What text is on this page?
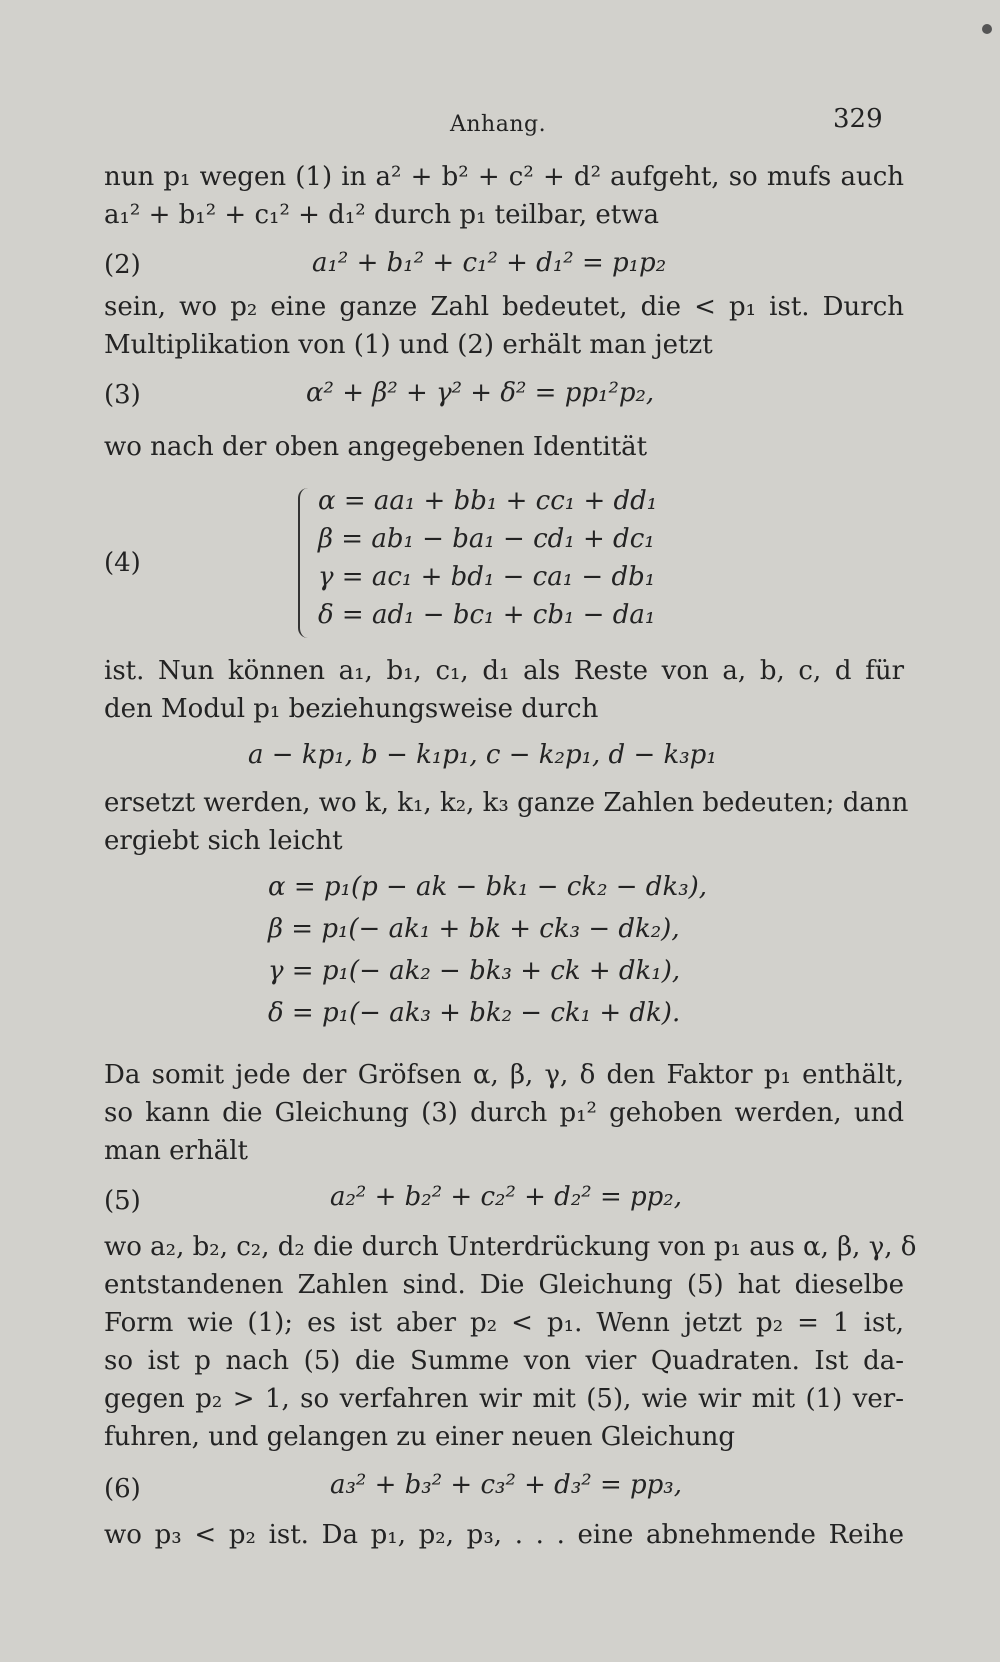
Anhang.	329
nun p₁ wegen (1) in a² + b² + c² + d² aufgeht, so mufs auch
a₁² + b₁² + c₁² + d₁² durch p₁ teilbar, etwa
(2)	a₁² + b₁² + c₁² + d₁² = p₁p₂
sein, wo p₂ eine ganze Zahl bedeutet, die < p₁ ist. Durch
Multiplikation von (1) und (2) erhält man jetzt
(3)	α² + β² + γ² + δ² = pp₁²p₂,
wo nach der oben angegebenen Identität
(4)
α = aa₁ + bb₁ + cc₁ + dd₁
β = ab₁ − ba₁ − cd₁ + dc₁
γ = ac₁ + bd₁ − ca₁ − db₁
δ = ad₁ − bc₁ + cb₁ − da₁
ist. Nun können a₁, b₁, c₁, d₁ als Reste von a, b, c, d für
den Modul p₁ beziehungsweise durch
a − kp₁, b − k₁p₁, c − k₂p₁, d − k₃p₁
ersetzt werden, wo k, k₁, k₂, k₃ ganze Zahlen bedeuten; dann
ergiebt sich leicht
α = p₁(p − ak − bk₁ − ck₂ − dk₃),
β = p₁(− ak₁ + bk + ck₃ − dk₂),
γ = p₁(− ak₂ − bk₃ + ck + dk₁),
δ = p₁(− ak₃ + bk₂ − ck₁ + dk).
Da somit jede der Gröfsen α, β, γ, δ den Faktor p₁ enthält,
so kann die Gleichung (3) durch p₁² gehoben werden, und
man erhält
(5)	a₂² + b₂² + c₂² + d₂² = pp₂,
wo a₂, b₂, c₂, d₂ die durch Unterdrückung von p₁ aus α, β, γ, δ
entstandenen Zahlen sind. Die Gleichung (5) hat dieselbe
Form wie (1); es ist aber p₂ < p₁. Wenn jetzt p₂ = 1 ist,
so ist p nach (5) die Summe von vier Quadraten. Ist da-
gegen p₂ > 1, so verfahren wir mit (5), wie wir mit (1) ver-
fuhren, und gelangen zu einer neuen Gleichung
(6)	a₃² + b₃² + c₃² + d₃² = pp₃,
wo p₃ < p₂ ist. Da p₁, p₂, p₃, . . . eine abnehmende Reihe
